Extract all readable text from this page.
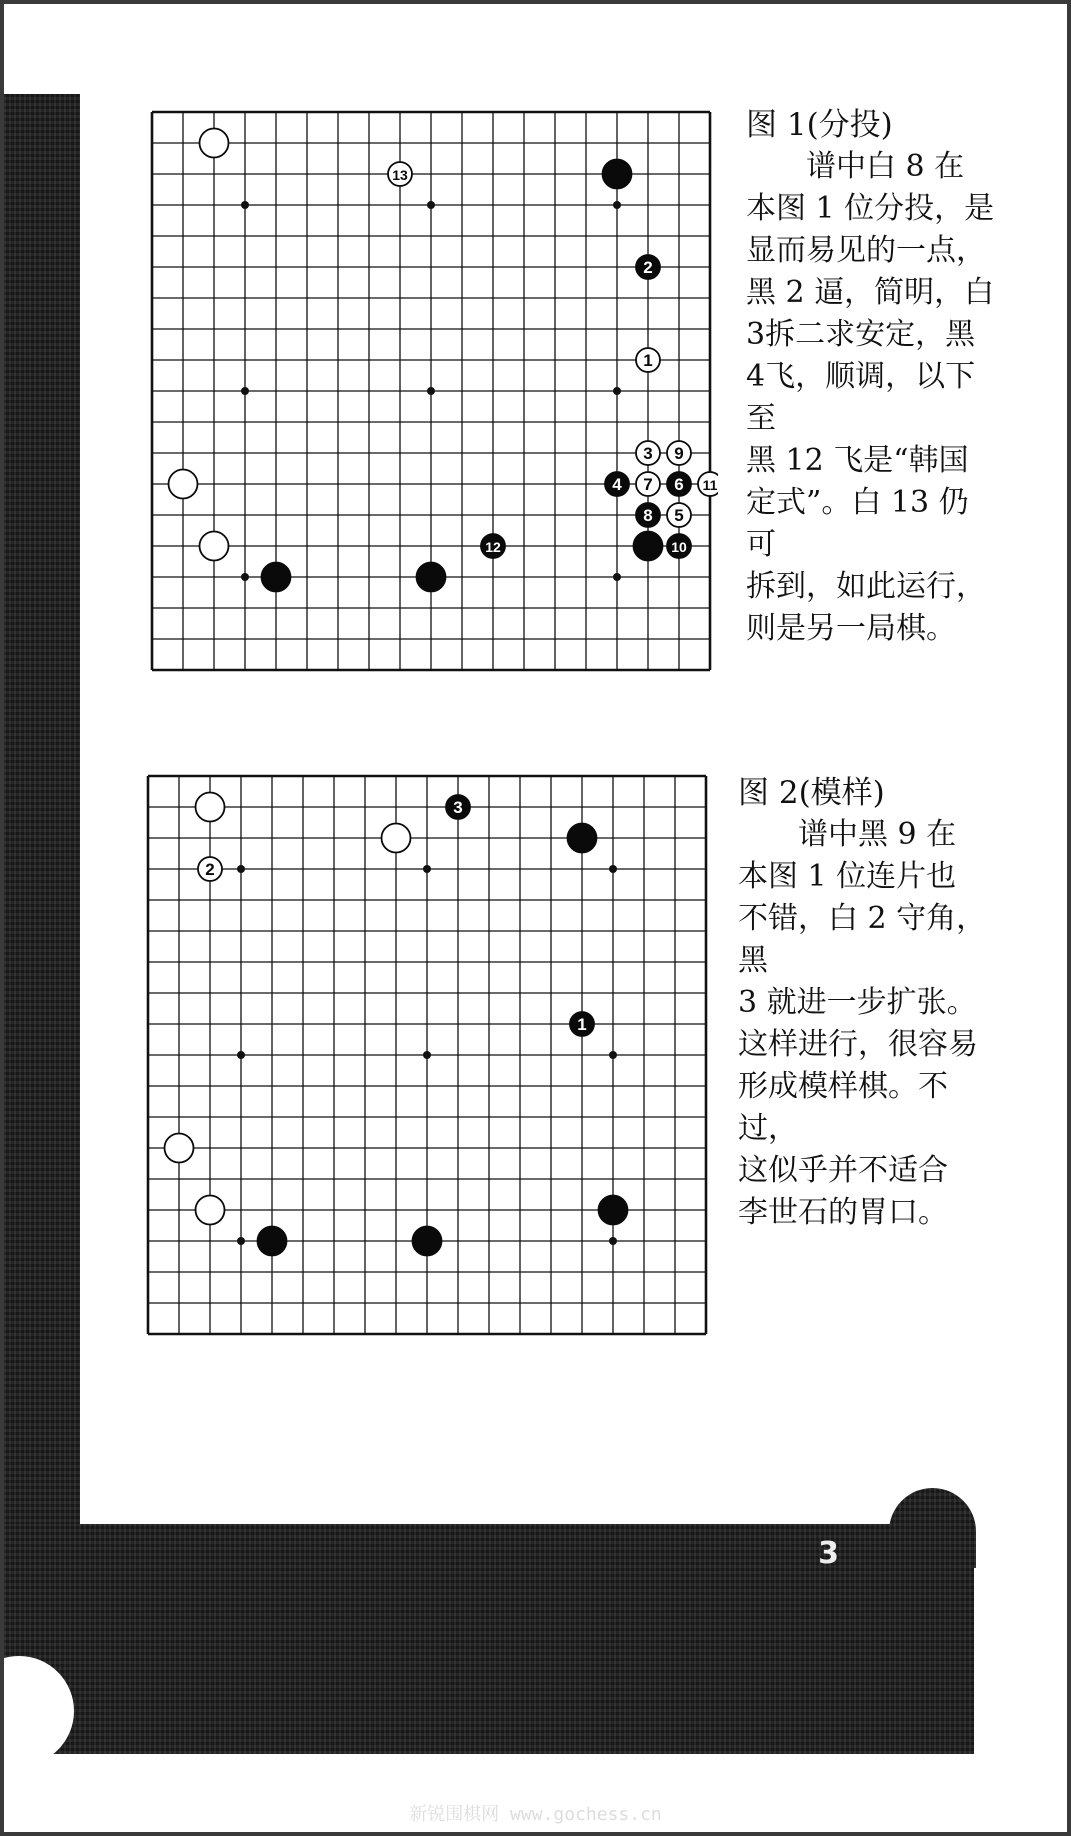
13
2
1
3 9
4 7 6 11
8 5
12	10
图 1(分投)

谱中白 8 在
本图 1 位分投，是
显而易见的一点，
黑 2 逼，简明，白
3拆二求安定，黑
4飞，顺调，以下至
黑 12 飞是“韩国
定式”。白 13 仍可
拆到，如此运行，
则是另一局棋。

3
2
1
图 2(模样)

谱中黑 9 在
本图 1 位连片也
不错，白 2 守角，黑
3 就进一步扩张。
这样进行，很容易
形成模样棋。不过，
这似乎并不适合
李世石的胃口。

3
新锐围棋网 www.gochess.cn
